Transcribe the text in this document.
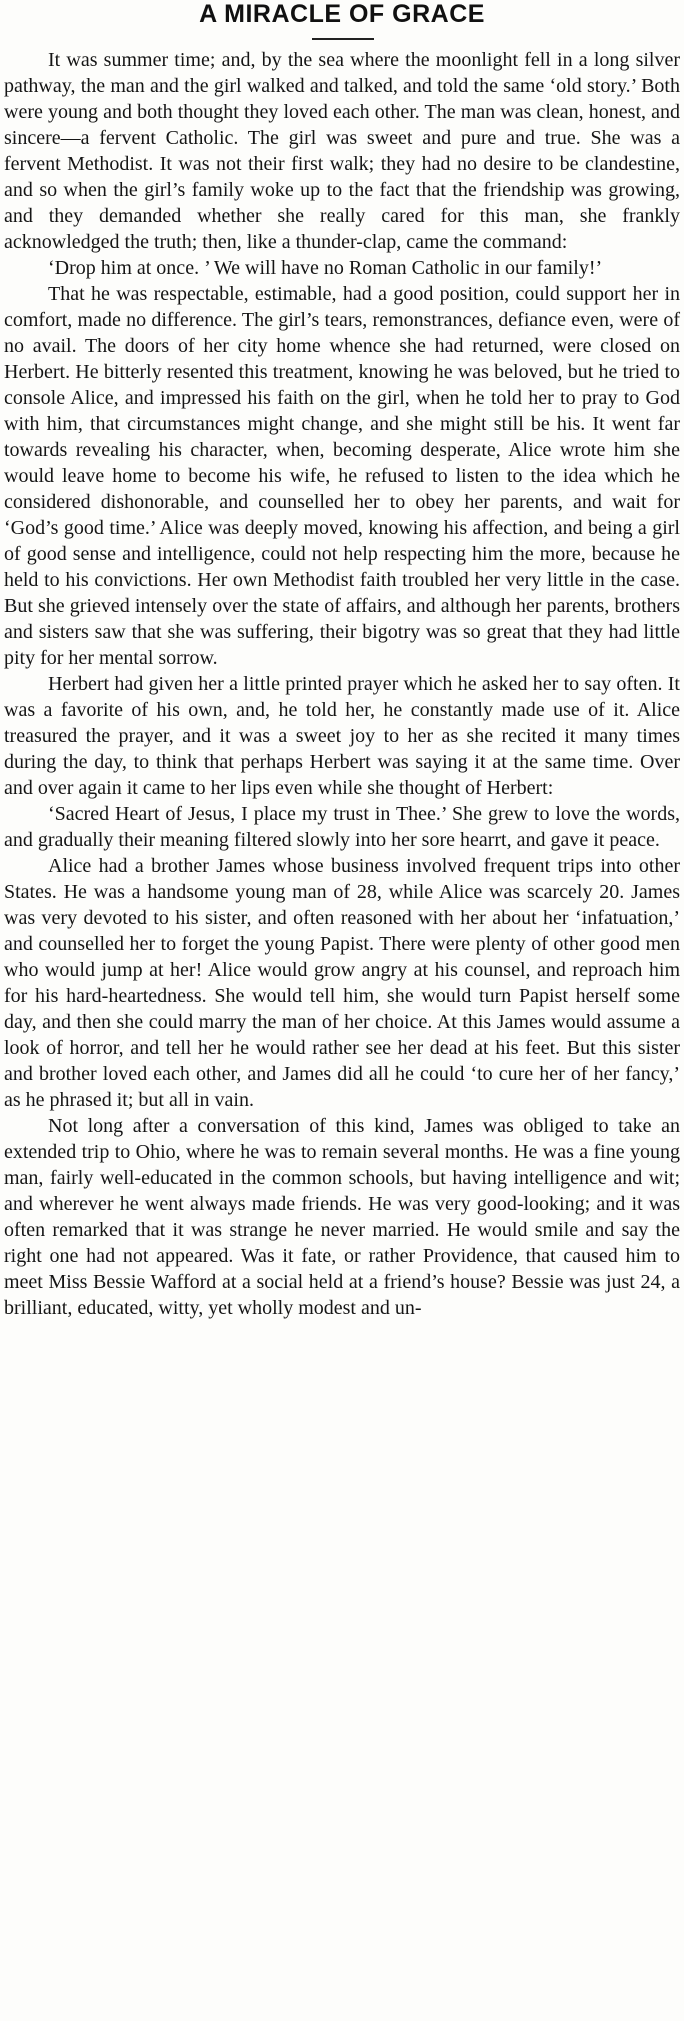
A MIRACLE OF GRACE

It was summer time; and, by the sea where the moonlight fell in a long silver pathway, the man and the girl walked and talked, and told the same ‘old story.’ Both were young and both thought they loved each other. The man was clean, honest, and sincere—a fervent Catholic. The girl was sweet and pure and true. She was a fervent Methodist. It was not their first walk; they had no desire to be clandestine, and so when the girl’s family woke up to the fact that the friendship was growing, and they demanded whether she really cared for this man, she frankly acknowledged the truth; then, like a thunder-clap, came the command:

‘Drop him at once. ’ We will have no Roman Catholic in our family!’

That he was respectable, estimable, had a good position, could support her in comfort, made no difference. The girl’s tears, remonstrances, defiance even, were of no avail. The doors of her city home whence she had returned, were closed on Herbert. He bitterly resented this treatment, knowing he was beloved, but he tried to console Alice, and impressed his faith on the girl, when he told her to pray to God with him, that circumstances might change, and she might still be his. It went far towards revealing his character, when, becoming desperate, Alice wrote him she would leave home to become his wife, he refused to listen to the idea which he considered dishonorable, and counselled her to obey her parents, and wait for ‘God’s good time.’ Alice was deeply moved, knowing his affection, and being a girl of good sense and intelligence, could not help respecting him the more, because he held to his convictions. Her own Methodist faith troubled her very little in the case. But she grieved intensely over the state of affairs, and although her parents, brothers and sisters saw that she was suffering, their bigotry was so great that they had little pity for her mental sorrow.

Herbert had given her a little printed prayer which he asked her to say often. It was a favorite of his own, and, he told her, he constantly made use of it. Alice treasured the prayer, and it was a sweet joy to her as she recited it many times during the day, to think that perhaps Herbert was saying it at the same time. Over and over again it came to her lips even while she thought of Herbert:

‘Sacred Heart of Jesus, I place my trust in Thee.’ She grew to love the words, and gradually their meaning filtered slowly into her sore hearrt, and gave it peace.

Alice had a brother James whose business involved frequent trips into other States. He was a handsome young man of 28, while Alice was scarcely 20. James was very devoted to his sister, and often reasoned with her about her ‘infatuation,’ and counselled her to forget the young Papist. There were plenty of other good men who would jump at her! Alice would grow angry at his counsel, and reproach him for his hard-heartedness. She would tell him, she would turn Papist herself some day, and then she could marry the man of her choice. At this James would assume a look of horror, and tell her he would rather see her dead at his feet. But this sister and brother loved each other, and James did all he could ‘to cure her of her fancy,’ as he phrased it; but all in vain.

Not long after a conversation of this kind, James was obliged to take an extended trip to Ohio, where he was to remain several months. He was a fine young man, fairly well-educated in the common schools, but having intelligence and wit; and wherever he went always made friends. He was very good-looking; and it was often remarked that it was strange he never married. He would smile and say the right one had not appeared. Was it fate, or rather Providence, that caused him to meet Miss Bessie Wafford at a social held at a friend’s house? Bessie was just 24, a brilliant, educated, witty, yet wholly modest and un-
